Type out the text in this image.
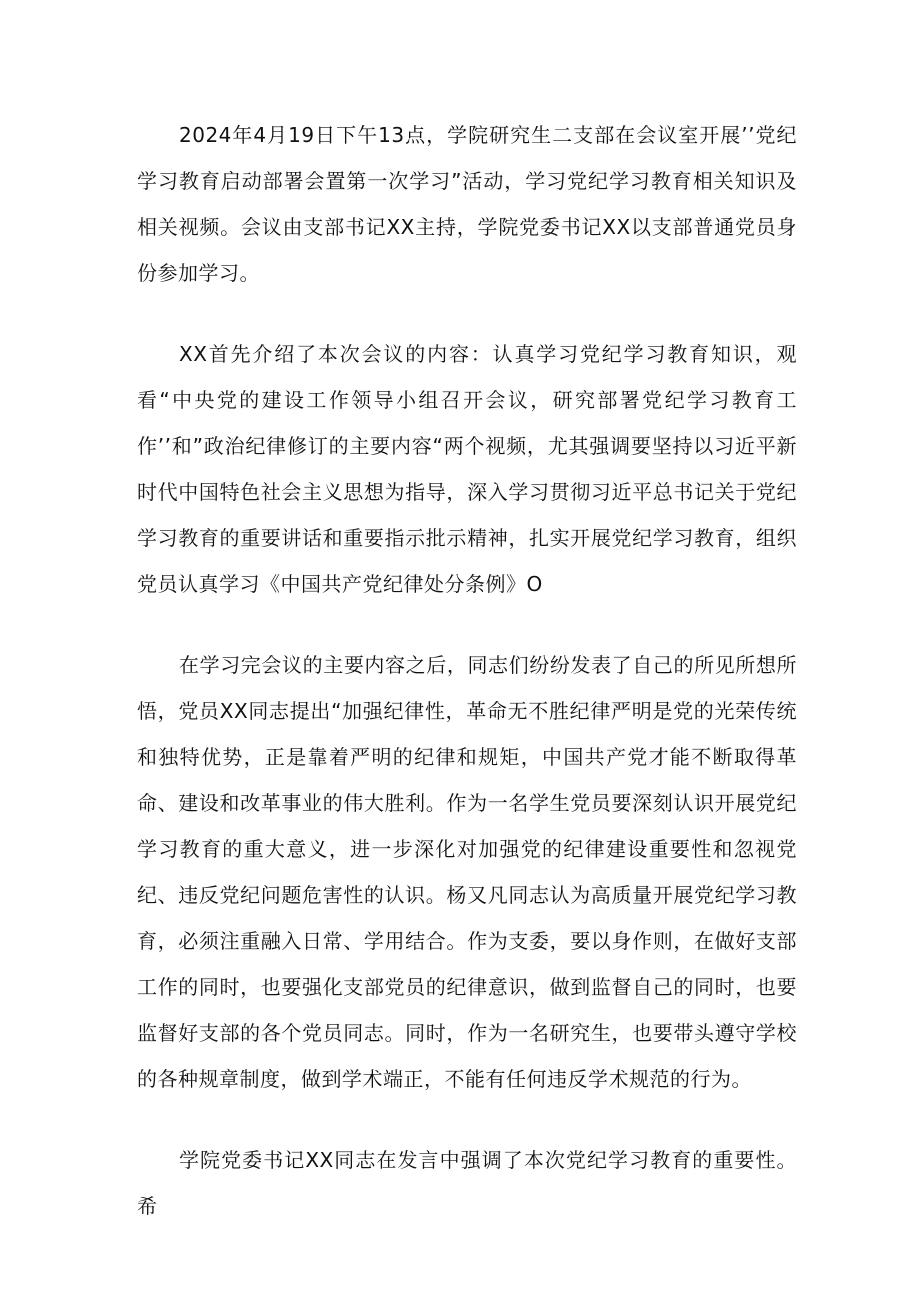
2024年4月19日下午13点，学院研究生二支部在会议室开展’’党纪学习教育启动部署会置第一次学习”活动，学习党纪学习教育相关知识及相关视频。会议由支部书记XX主持，学院党委书记XX以支部普通党员身份参加学习。

XX首先介绍了本次会议的内容：认真学习党纪学习教育知识，观看“中央党的建设工作领导小组召开会议，研究部署党纪学习教育工作’’和”政治纪律修订的主要内容“两个视频，尤其强调要坚持以习近平新时代中国特色社会主义思想为指导，深入学习贯彻习近平总书记关于党纪学习教育的重要讲话和重要指示批示精神，扎实开展党纪学习教育，组织党员认真学习《中国共产党纪律处分条例》O

在学习完会议的主要内容之后，同志们纷纷发表了自己的所见所想所悟，党员XX同志提出“加强纪律性，革命无不胜纪律严明是党的光荣传统和独特优势，正是靠着严明的纪律和规矩，中国共产党才能不断取得革命、建设和改革事业的伟大胜利。作为一名学生党员要深刻认识开展党纪学习教育的重大意义，进一步深化对加强党的纪律建设重要性和忽视党纪、违反党纪问题危害性的认识。杨又凡同志认为高质量开展党纪学习教育，必须注重融入日常、学用结合。作为支委，要以身作则，在做好支部工作的同时，也要强化支部党员的纪律意识，做到监督自己的同时，也要监督好支部的各个党员同志。同时，作为一名研究生，也要带头遵守学校的各种规章制度，做到学术端正，不能有任何违反学术规范的行为。

学院党委书记XX同志在发言中强调了本次党纪学习教育的重要性。希
